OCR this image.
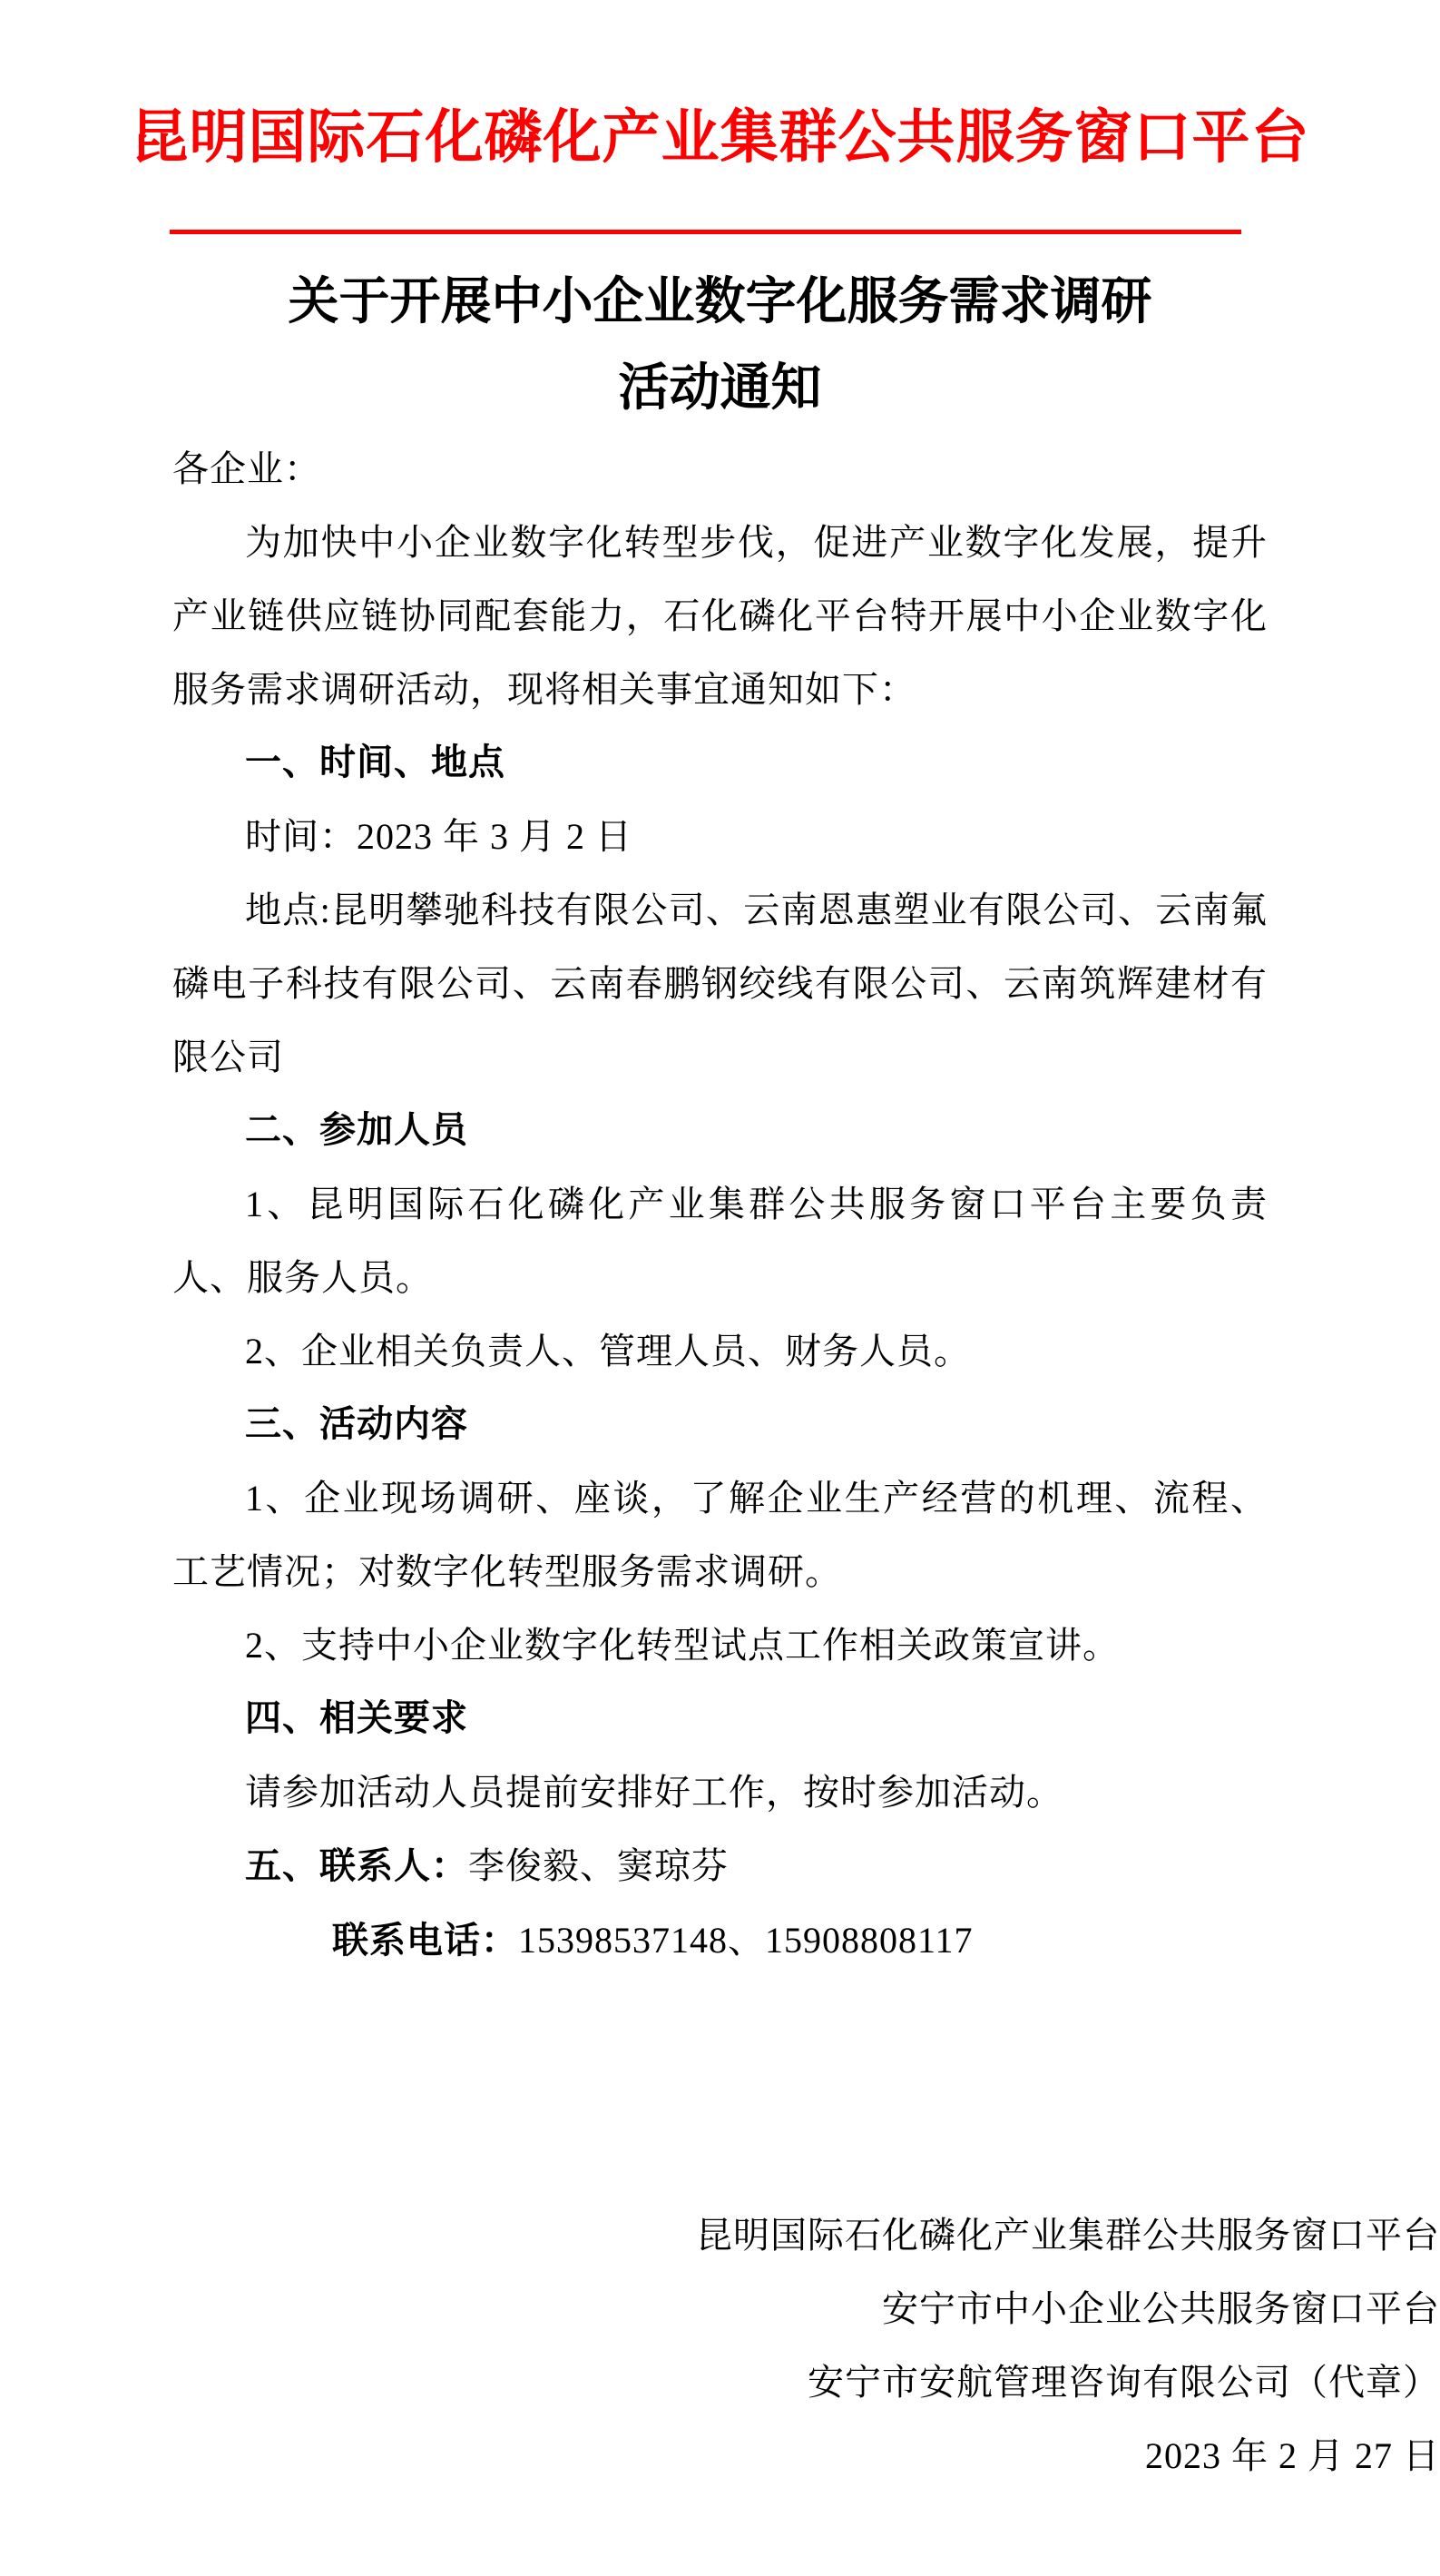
昆明国际石化磷化产业集群公共服务窗口平台
关于开展中小企业数字化服务需求调研
活动通知

各企业：

为加快中小企业数字化转型步伐，促进产业数字化发展，提升产业链供应链协同配套能力，石化磷化平台特开展中小企业数字化服务需求调研活动，现将相关事宜通知如下：

一、时间、地点

时间：2023 年 3 月 2 日

地点:昆明攀驰科技有限公司、云南恩惠塑业有限公司、云南氟磷电子科技有限公司、云南春鹏钢绞线有限公司、云南筑辉建材有限公司

二、参加人员

1、昆明国际石化磷化产业集群公共服务窗口平台主要负责人、服务人员。

2、企业相关负责人、管理人员、财务人员。

三、活动内容

1、企业现场调研、座谈，了解企业生产经营的机理、流程、工艺情况；对数字化转型服务需求调研。

2、支持中小企业数字化转型试点工作相关政策宣讲。

四、相关要求

请参加活动人员提前安排好工作，按时参加活动。

五、联系人：李俊毅、窦琼芬

联系电话：15398537148、15908808117

昆明国际石化磷化产业集群公共服务窗口平台

安宁市中小企业公共服务窗口平台

安宁市安航管理咨询有限公司（代章）

2023 年 2 月 27 日
